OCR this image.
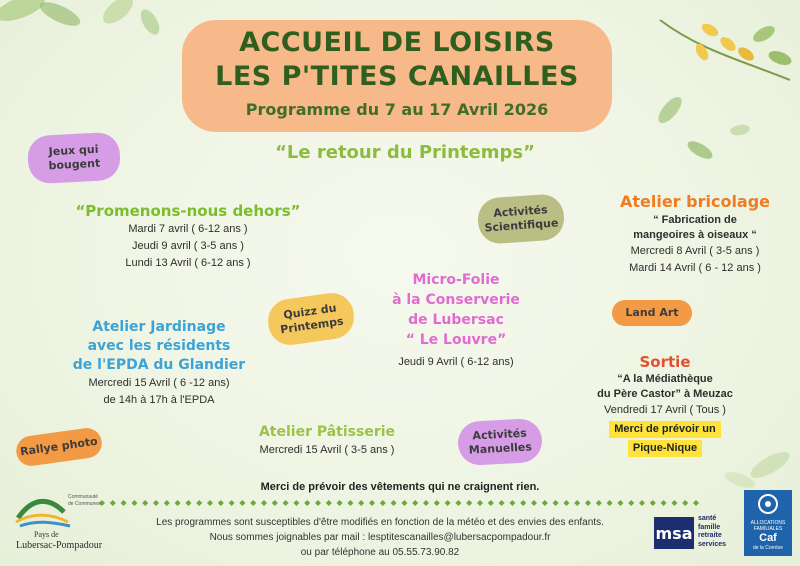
ACCUEIL DE LOISIRS
LES P'TITES CANAILLES
Programme du 7 au 17 Avril 2026
“Le retour du Printemps”
Jeux qui bougent
Activités Scientifique
Quizz du Printemps
Land Art
Rallye photo
Activités Manuelles
“Promenons-nous dehors”
Mardi 7 avril ( 6-12 ans )
Jeudi 9 avril ( 3-5 ans )
Lundi 13 Avril ( 6-12 ans )
Atelier bricolage
“ Fabrication de
mangeoires à oiseaux “
Mercredi 8 Avril ( 3-5 ans )
Mardi 14 Avril ( 6 - 12 ans )
Micro-Folie
à la Conserverie
de Lubersac
“ Le Louvre”
Jeudi 9 Avril ( 6-12 ans)
Atelier Jardinage
avec les résidents
de l'EPDA du Glandier
Mercredi 15 Avril ( 6 -12 ans)
de 14h à 17h à l'EPDA
Sortie
“A la Médiathèque
du Père Castor” à Meuzac
Vendredi 17 Avril ( Tous )
Merci de prévoir un
Pique-Nique
Atelier Pâtisserie
Mercredi 15 Avril ( 3-5 ans )
Merci de prévoir des vêtements qui ne craignent rien.
Les programmes sont susceptibles d'être modifiés en fonction de la météo et des envies des enfants.
Nous sommes joignables par mail : lesptitescanailles@lubersacpompadour.fr
ou par téléphone au 05.55.73.90.82
Communauté
de Communes
Pays de
Lubersac-Pompadour
msa
santé
famille
retraite
services
ALLOCATIONS
FAMILIALES
Caf
de la Corrèze
